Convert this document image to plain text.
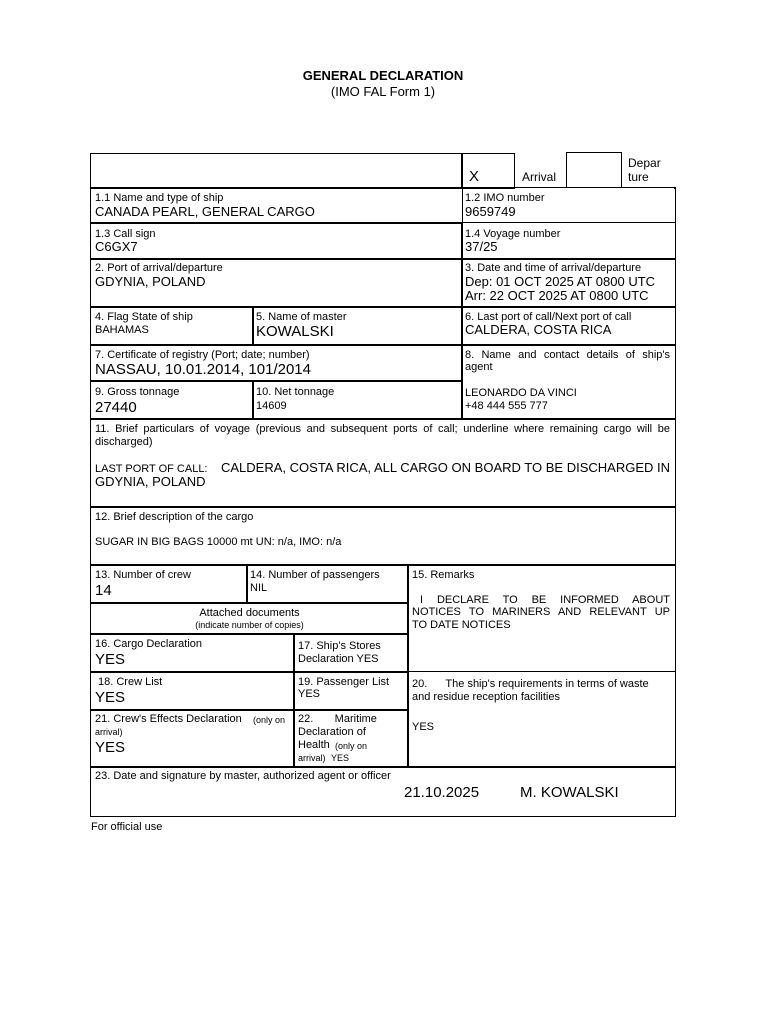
GENERAL DECLARATION
(IMO FAL Form 1)
X	Arrival
Depar
ture
1.1 Name and type of ship
CANADA PEARL, GENERAL CARGO
1.2 IMO number
9659749
1.3 Call sign
C6GX7
1.4 Voyage number
37/25
2. Port of arrival/departure
GDYNIA, POLAND
3. Date and time of arrival/departure
Dep: 01 OCT 2025 AT 0800 UTC
Arr: 22 OCT 2025 AT 0800 UTC
4. Flag State of ship
BAHAMAS
5. Name of master
KOWALSKI
6. Last port of call/Next port of call
CALDERA, COSTA RICA
7. Certificate of registry (Port; date; number)
NASSAU, 10.01.2014, 101/2014
8. Name and contact details of ship's
agent
LEONARDO DA VINCI
+48 444 555 777
9. Gross tonnage
27440
10. Net tonnage
14609
11. Brief particulars of voyage (previous and subsequent ports of call; underline where remaining cargo will be
discharged)
LAST PORT OF CALL: CALDERA, COSTA RICA, ALL CARGO ON BOARD TO BE DISCHARGED IN
GDYNIA, POLAND
12. Brief description of the cargo
SUGAR IN BIG BAGS 10000 mt UN: n/a, IMO: n/a
13. Number of crew
14
14. Number of passengers
NIL
15. Remarks
I DECLARE TO BE INFORMED ABOUT
NOTICES TO MARINERS AND RELEVANT UP
TO DATE NOTICES
Attached documents
(indicate number of copies)
16. Cargo Declaration
YES
17. Ship's Stores
Declaration YES
18. Crew List
YES
19. Passenger List
YES
20.      The ship's requirements in terms of waste
and residue reception facilities
YES
21. Crew's Effects Declaration (only on
arrival)
YES
22.       Maritime
Declaration of
Health (only on
arrival) YES
23. Date and signature by master, authorized agent or officer
21.10.2025	M. KOWALSKI
For official use
